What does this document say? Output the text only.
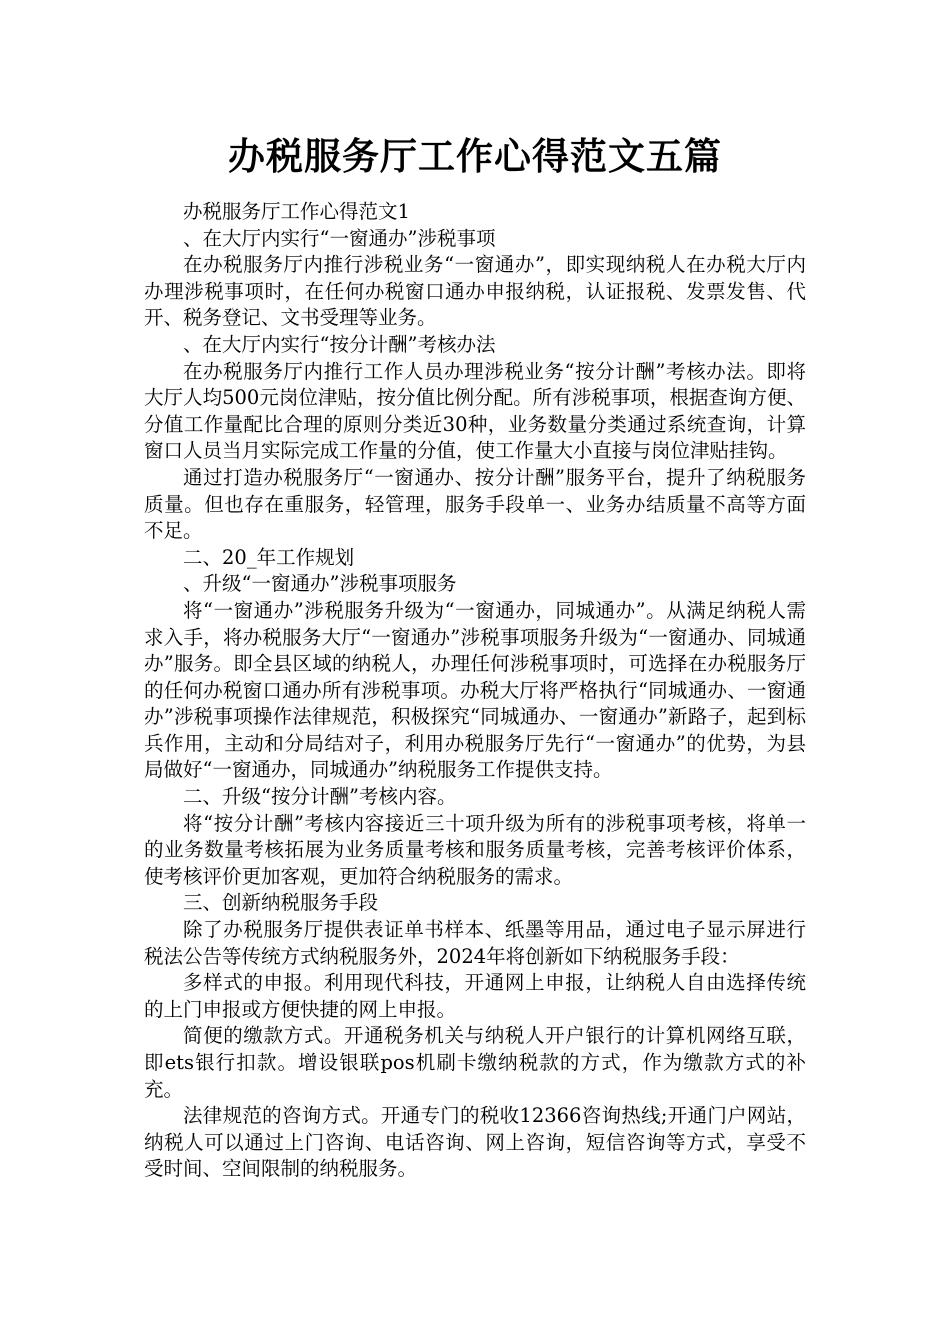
办税服务厅工作心得范文五篇

办税服务厅工作心得范文1

、在大厅内实行“一窗通办”涉税事项

在办税服务厅内推行涉税业务“一窗通办”，即实现纳税人在办税大厅内办理涉税事项时，在任何办税窗口通办申报纳税，认证报税、发票发售、代开、税务登记、文书受理等业务。

、在大厅内实行“按分计酬”考核办法

在办税服务厅内推行工作人员办理涉税业务“按分计酬”考核办法。即将大厅人均500元岗位津贴，按分值比例分配。所有涉税事项，根据查询方便、分值工作量配比合理的原则分类近30种，业务数量分类通过系统查询，计算窗口人员当月实际完成工作量的分值，使工作量大小直接与岗位津贴挂钩。

通过打造办税服务厅“一窗通办、按分计酬”服务平台，提升了纳税服务质量。但也存在重服务，轻管理，服务手段单一、业务办结质量不高等方面不足。

二、20_年工作规划

、升级“一窗通办”涉税事项服务

将“一窗通办”涉税服务升级为“一窗通办，同城通办”。从满足纳税人需求入手，将办税服务大厅“一窗通办”涉税事项服务升级为“一窗通办、同城通办”服务。即全县区域的纳税人，办理任何涉税事项时，可选择在办税服务厅的任何办税窗口通办所有涉税事项。办税大厅将严格执行“同城通办、一窗通办”涉税事项操作法律规范，积极探究“同城通办、一窗通办”新路子，起到标兵作用，主动和分局结对子，利用办税服务厅先行“一窗通办”的优势，为县局做好“一窗通办，同城通办”纳税服务工作提供支持。

二、升级“按分计酬”考核内容。

将“按分计酬”考核内容接近三十项升级为所有的涉税事项考核，将单一的业务数量考核拓展为业务质量考核和服务质量考核，完善考核评价体系，使考核评价更加客观，更加符合纳税服务的需求。

三、创新纳税服务手段

除了办税服务厅提供表证单书样本、纸墨等用品，通过电子显示屏进行税法公告等传统方式纳税服务外，2024年将创新如下纳税服务手段：

多样式的申报。利用现代科技，开通网上申报，让纳税人自由选择传统的上门申报或方便快捷的网上申报。

简便的缴款方式。开通税务机关与纳税人开户银行的计算机网络互联，即ets银行扣款。增设银联pos机刷卡缴纳税款的方式，作为缴款方式的补充。

法律规范的咨询方式。开通专门的税收12366咨询热线;开通门户网站，纳税人可以通过上门咨询、电话咨询、网上咨询，短信咨询等方式，享受不受时间、空间限制的纳税服务。
